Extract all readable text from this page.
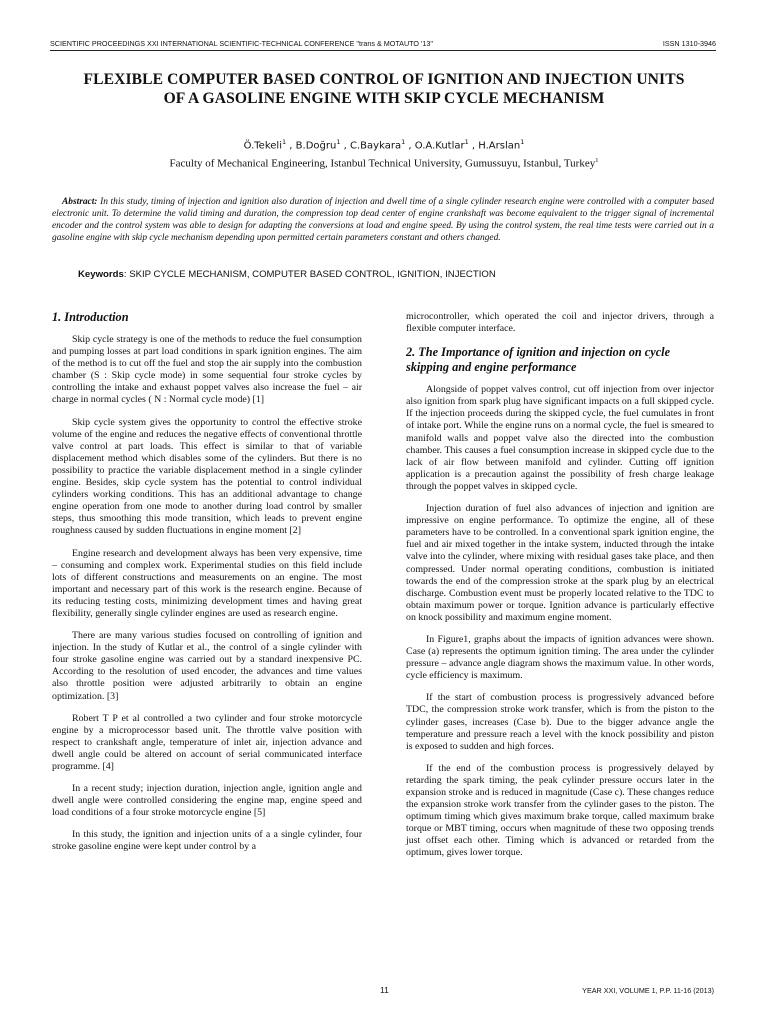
SCIENTIFIC PROCEEDINGS XXI INTERNATIONAL SCIENTIFIC-TECHNICAL CONFERENCE "trans & MOTAUTO '13"	ISSN 1310-3946
FLEXIBLE COMPUTER BASED CONTROL OF IGNITION AND INJECTION UNITS
OF A GASOLINE ENGINE WITH SKIP CYCLE MECHANISM
Ö.Tekeli$^1$ , B.Doğru$^1$ , C.Baykara$^1$ , O.A.Kutlar$^1$ , H.Arslan$^1$
Faculty of Mechanical Engineering, Istanbul Technical University, Gumussuyu, Istanbul, Turkey$^1$

Abstract: In this study, timing of injection and ignition also duration of injection and dwell time of a single cylinder research engine were controlled with a computer based electronic unit. To determine the valid timing and duration, the compression top dead center of engine crankshaft was become equivalent to the trigger signal of incremental encoder and the control system was able to design for adapting the conversions at load and engine speed. By using the control system, the real time tests were carried out in a gasoline engine with skip cycle mechanism depending upon permitted certain parameters constant and others changed.

Keywords: SKIP CYCLE MECHANISM, COMPUTER BASED CONTROL, IGNITION, INJECTION
1. Introduction

Skip cycle strategy is one of the methods to reduce the fuel consumption and pumping losses at part load conditions in spark ignition engines. The aim of the method is to cut off the fuel and stop the air supply into the combustion chamber (S : Skip cycle mode) in some sequential four stroke cycles by controlling the intake and exhaust poppet valves also increase the fuel – air charge in normal cycles ( N : Normal cycle mode) [1]

Skip cycle system gives the opportunity to control the effective stroke volume of the engine and reduces the negative effects of conventional throttle valve control at part loads. This effect is similar to that of variable displacement method which disables some of the cylinders. But there is no possibility to practice the variable displacement method in a single cylinder engine. Besides, skip cycle system has the potential to control individual cylinders working conditions. This has an additional advantage to change engine operation from one mode to another during load control by smaller steps, thus smoothing this mode transition, which leads to prevent engine roughness caused by sudden fluctuations in engine moment [2]

Engine research and development always has been very expensive, time – consuming and complex work. Experimental studies on this field include lots of different constructions and measurements on an engine. The most important and necessary part of this work is the research engine. Because of its reducing testing costs, minimizing development times and having great flexibility, generally single cylinder engines are used as research engine.

There are many various studies focused on controlling of ignition and injection. In the study of Kutlar et al., the control of a single cylinder with four stroke gasoline engine was carried out by a standard inexpensive PC. According to the resolution of used encoder, the advances and time values also throttle position were adjusted arbitrarily to obtain an engine optimization. [3]

Robert T P et al controlled a two cylinder and four stroke motorcycle engine by a microprocessor based unit. The throttle valve position with respect to crankshaft angle, temperature of inlet air, injection advance and dwell angle could be altered on account of serial communicated interface programme. [4]

In a recent study; injection duration, injection angle, ignition angle and dwell angle were controlled considering the engine map, engine speed and load conditions of a four stroke motorcycle engine [5]

In this study, the ignition and injection units of a a single cylinder, four stroke gasoline engine were kept under control by a

microcontroller, which operated the coil and injector drivers, through a flexible computer interface.

2. The Importance of ignition and injection on cycle skipping and engine performance

Alongside of poppet valves control, cut off injection from over injector also ignition from spark plug have significant impacts on a full skipped cycle. If the injection proceeds during the skipped cycle, the fuel cumulates in front of intake port. While the engine runs on a normal cycle, the fuel is smeared to manifold walls and poppet valve also the directed into the combustion chamber. This causes a fuel consumption increase in skipped cycle due to the lack of air flow between manifold and cylinder. Cutting off ignition application is a precaution against the possibility of fresh charge leakage through the poppet valves in skipped cycle.

Injection duration of fuel also advances of injection and ignition are impressive on engine performance. To optimize the engine, all of these parameters have to be controlled. In a conventional spark ignition engine, the fuel and air mixed together in the intake system, inducted through the intake valve into the cylinder, where mixing with residual gases take place, and then compressed. Under normal operating conditions, combustion is initiated towards the end of the compression stroke at the spark plug by an electrical discharge. Combustion event must be properly located relative to the TDC to obtain maximum power or torque. Ignition advance is particularly effective on knock possibility and maximum engine moment.

In Figure1, graphs about the impacts of ignition advances were shown. Case (a) represents the optimum ignition timing. The area under the cylinder pressure – advance angle diagram shows the maximum value. In other words, cycle efficiency is maximum.

If the start of combustion process is progressively advanced before TDC, the compression stroke work transfer, which is from the piston to the cylinder gases, increases (Case b). Due to the bigger advance angle the temperature and pressure reach a level with the knock possibility and piston is exposed to sudden and high forces.

If the end of the combustion process is progressively delayed by retarding the spark timing, the peak cylinder pressure occurs later in the expansion stroke and is reduced in magnitude (Case c). These changes reduce the expansion stroke work transfer from the cylinder gases to the piston. The optimum timing which gives maximum brake torque, called maximum brake torque or MBT timing, occurs when magnitude of these two opposing trends just offset each other. Timing which is advanced or retarded from the optimum, gives lower torque.

11	YEAR XXI, VOLUME 1, P.P. 11-16 (2013)
